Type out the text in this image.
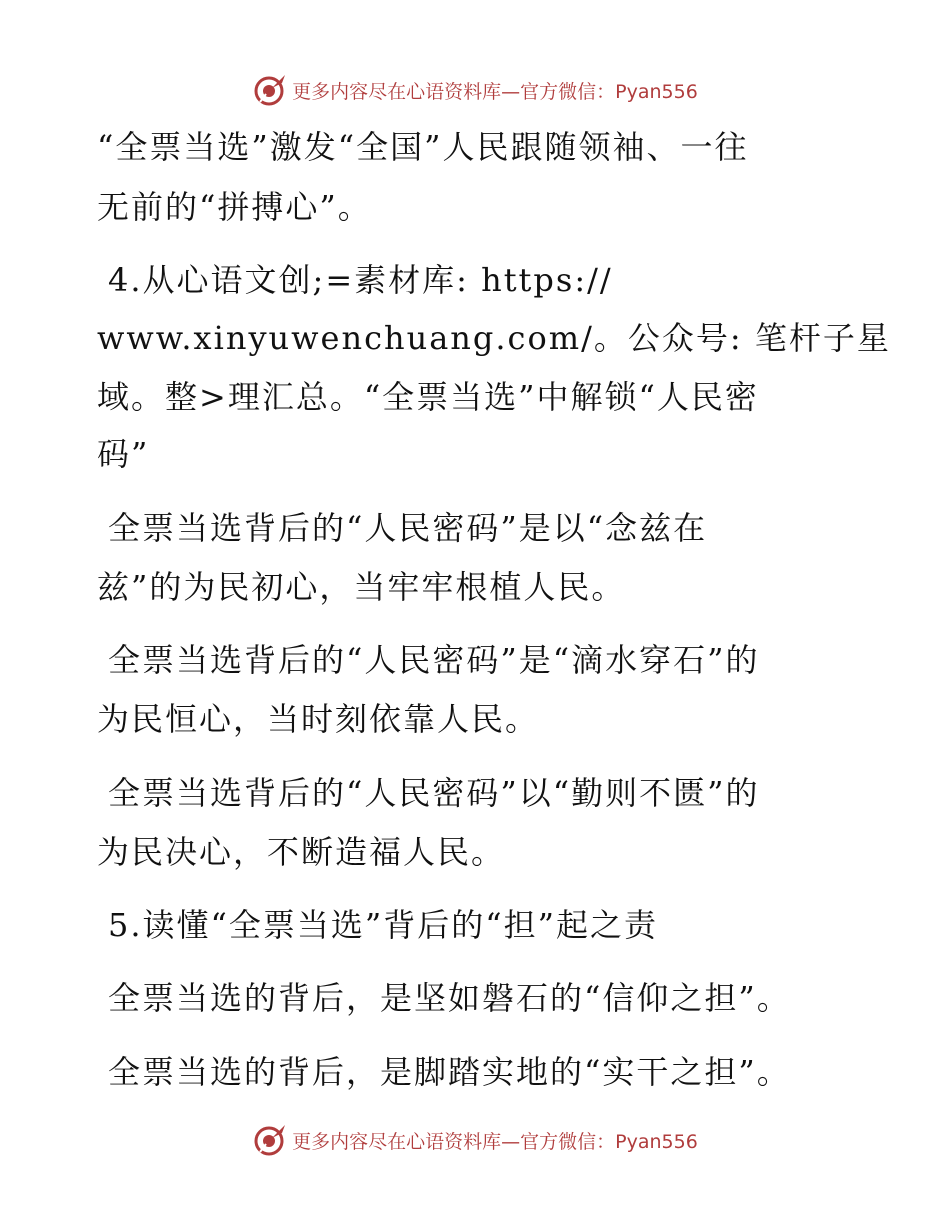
更多内容尽在心语资料库—官方微信：Pyan556
“全票当选”激发“全国”人民跟随领袖、一往
无前的“拼搏心”。
4.从心语文创;=素材库: https://
www.xinyuwenchuang.com/。公众号: 笔杆子星
域。整>理汇总。“全票当选”中解锁“人民密
码”
全票当选背后的“人民密码”是以“念兹在
兹”的为民初心，当牢牢根植人民。
全票当选背后的“人民密码”是“滴水穿石”的
为民恒心，当时刻依靠人民。
全票当选背后的“人民密码”以“勤则不匮”的
为民决心，不断造福人民。
5.读懂“全票当选”背后的“担”起之责
全票当选的背后，是坚如磐石的“信仰之担”。
全票当选的背后，是脚踏实地的“实干之担”。
更多内容尽在心语资料库—官方微信：Pyan556
